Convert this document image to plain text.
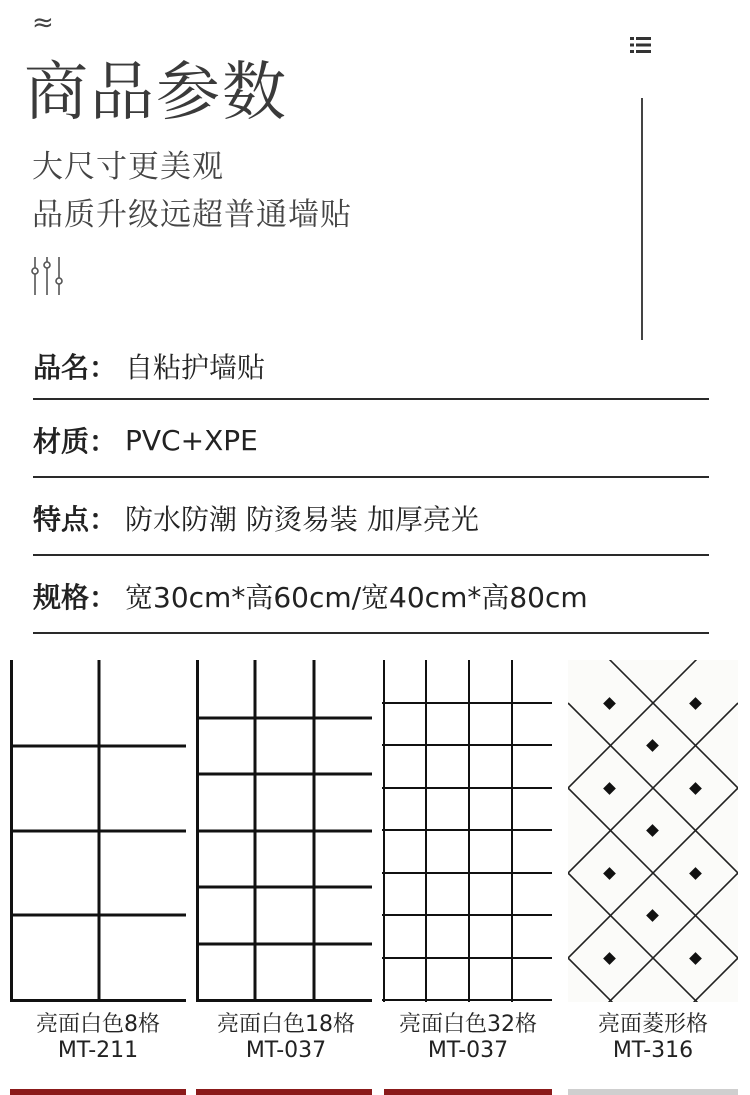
≈
商品参数
大尺寸更美观
品质升级远超普通墙贴
品名： 自粘护墙贴
材质： PVC+XPE
特点： 防水防潮 防烫易装 加厚亮光
规格： 宽30cm*高60cm/宽40cm*高80cm
亮面白色8格
MT-211
亮面白色18格
MT-037
亮面白色32格
MT-037
亮面菱形格
MT-316
